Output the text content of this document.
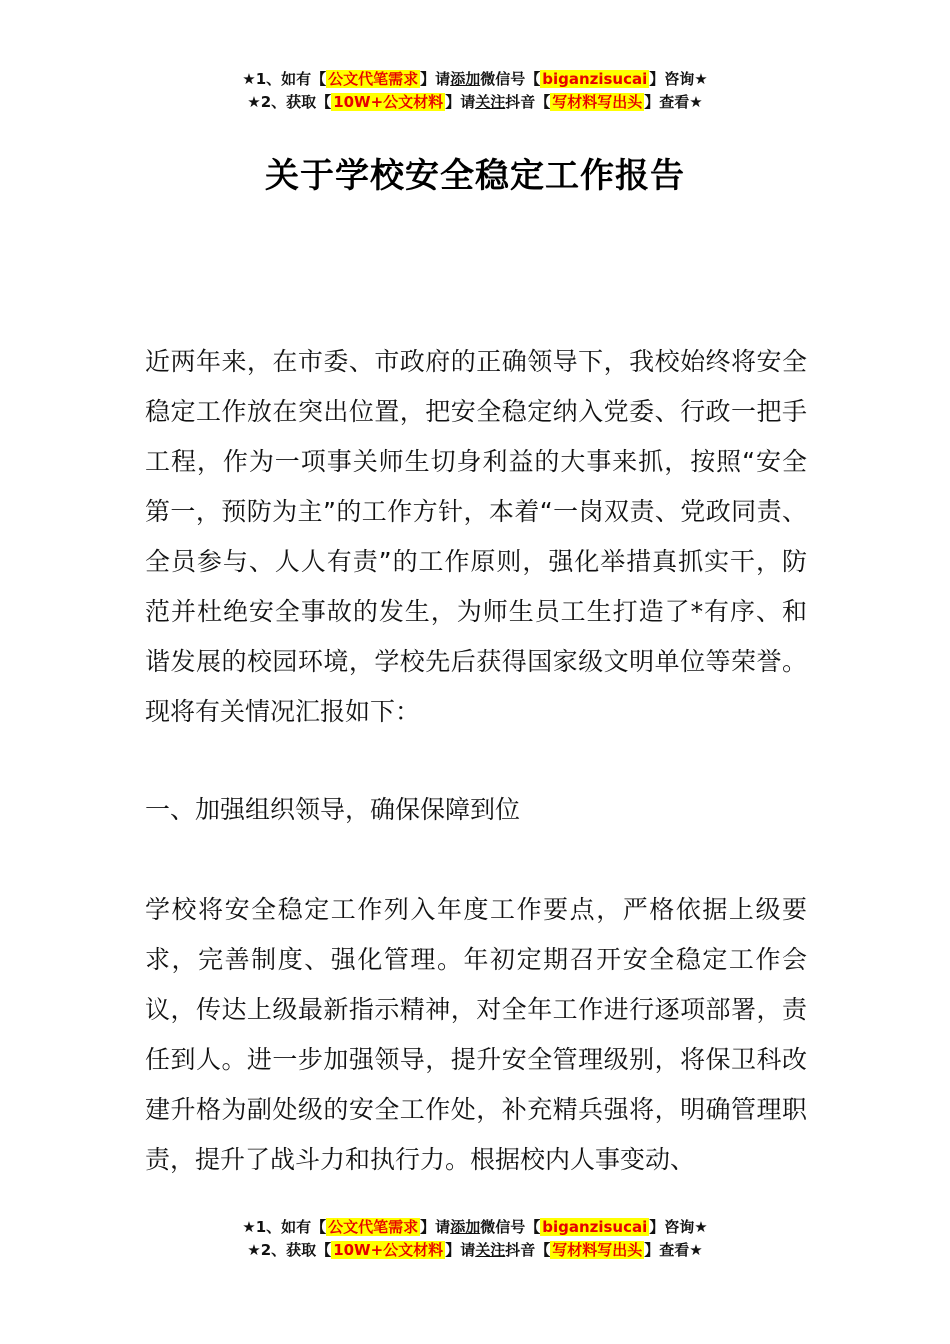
★1、如有【 公文代笔需求 】请添加微信号【 biganzisucai 】咨询★
★2、获取【 10W+公文材料 】请关注抖音【 写材料写出头 】查看★
关于学校安全稳定工作报告

近两年来，在市委、市政府的正确领导下，我校始终将安全稳定工作放在突出位置，把安全稳定纳入党委、行政一把手工程，作为一项事关师生切身利益的大事来抓，按照“安全第一，预防为主”的工作方针，本着“一岗双责、党政同责、全员参与、人人有责”的工作原则，强化举措真抓实干，防范并杜绝安全事故的发生，为师生员工生打造了*有序、和谐发展的校园环境，学校先后获得国家级文明单位等荣誉。现将有关情况汇报如下：

一、加强组织领导，确保保障到位

学校将安全稳定工作列入年度工作要点，严格依据上级要求，完善制度、强化管理。年初定期召开安全稳定工作会议，传达上级最新指示精神，对全年工作进行逐项部署，责任到人。进一步加强领导，提升安全管理级别，将保卫科改建升格为副处级的安全工作处，补充精兵强将，明确管理职责，提升了战斗力和执行力。根据校内人事变动、

★1、如有【 公文代笔需求 】请添加微信号【 biganzisucai 】咨询★
★2、获取【 10W+公文材料 】请关注抖音【 写材料写出头 】查看★
